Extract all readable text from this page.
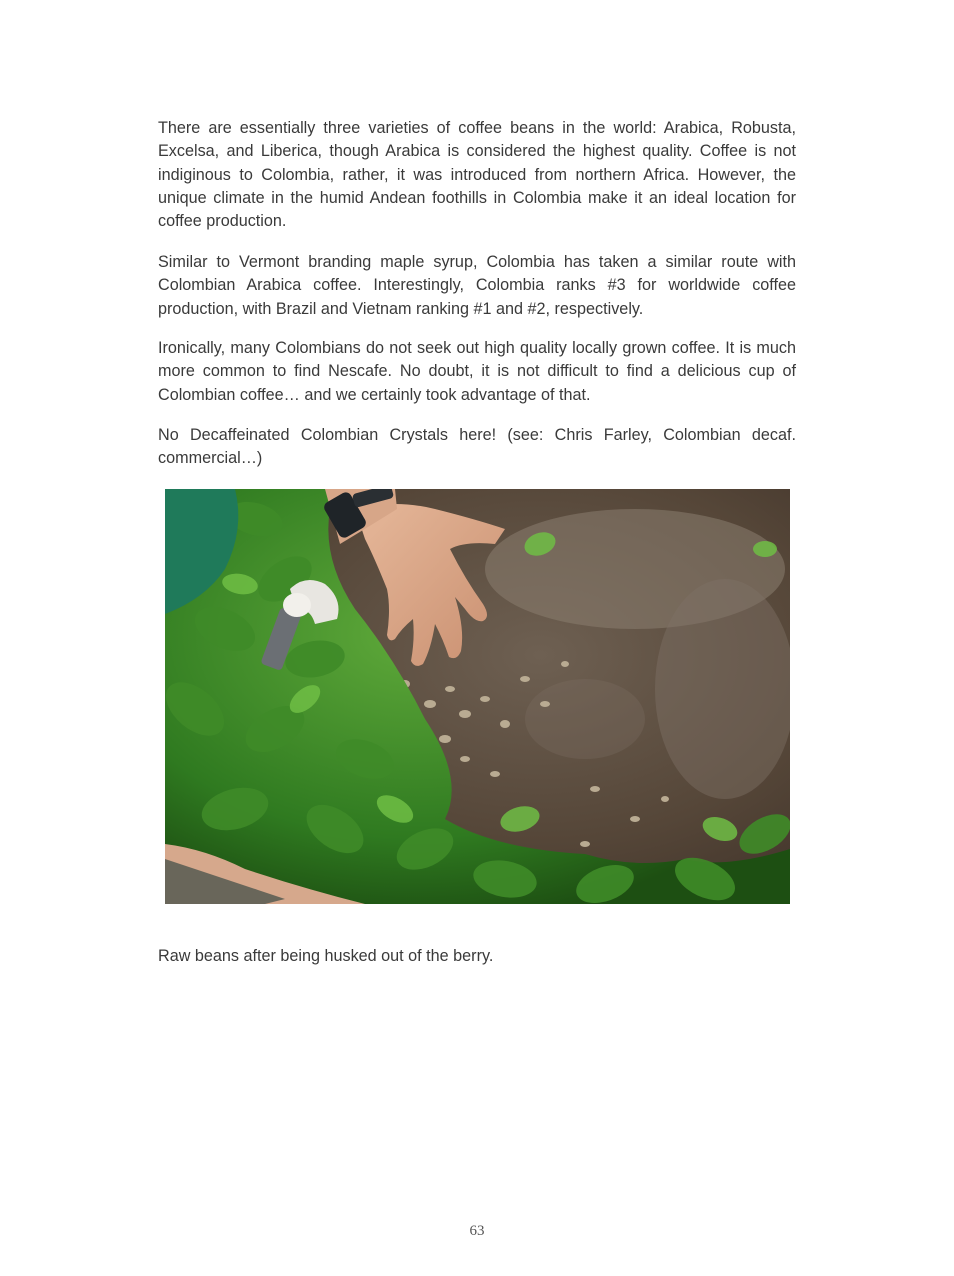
There are essentially three varieties of coffee beans in the world: Arabica, Robusta, Excelsa, and Liberica, though Arabica is considered the highest quality. Coffee is not indiginous to Colombia, rather, it was introduced from northern Africa. However, the unique climate in the humid Andean foothills in Colombia make it an ideal location for coffee production.

Similar to Vermont branding maple syrup, Colombia has taken a similar route with Colombian Arabica coffee. Interestingly, Colombia ranks #3 for worldwide coffee production, with Brazil and Vietnam ranking #1 and #2, respectively.

Ironically, many Colombians do not seek out high quality locally grown coffee. It is much more common to find Nescafe. No doubt, it is not difficult to find a delicious cup of Colombian coffee… and we certainly took advantage of that.

No Decaffeinated Colombian Crystals here! (see: Chris Farley, Colombian decaf. commercial…)

Raw beans after being husked out of the berry.

63
